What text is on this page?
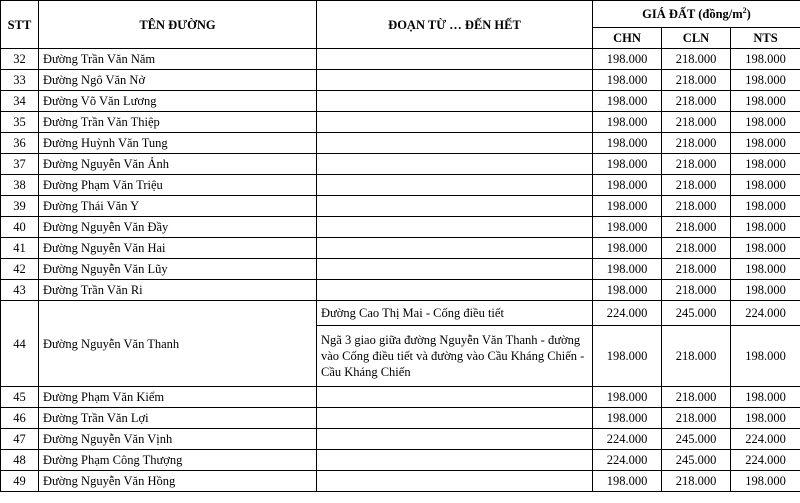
STT	TÊN ĐƯỜNG	ĐOẠN TỪ … ĐẾN HẾT	GIÁ ĐẤT $(đồng/m^2)$		
			CHN	CLN	NTS
32	Đường Trần Văn Năm		198.000	218.000	198.000
33	Đường Ngô Văn Nở		198.000	218.000	198.000
34	Đường Võ Văn Lương		198.000	218.000	198.000
35	Đường Trần Văn Thiệp		198.000	218.000	198.000
36	Đường Huỳnh Văn Tung		198.000	218.000	198.000
37	Đường Nguyễn Văn Ảnh		198.000	218.000	198.000
38	Đường Phạm Văn Triệu		198.000	218.000	198.000
39	Đường Thái Văn Y		198.000	218.000	198.000
40	Đường Nguyễn Văn Đầy		198.000	218.000	198.000
41	Đường Nguyễn Văn Hai		198.000	218.000	198.000
42	Đường Nguyễn Văn Lũy		198.000	218.000	198.000
43	Đường Trần Văn Ri		198.000	218.000	198.000
44	Đường Nguyễn Văn Thanh	Đường Cao Thị Mai - Cống điều tiết	224.000	245.000	224.000
		Ngã 3 giao giữa đường Nguyễn Văn Thanh - đường vào Cống điều tiết và đường vào Cầu Kháng Chiến - Cầu Kháng Chiến	198.000	218.000	198.000
45	Đường Phạm Văn Kiểm		198.000	218.000	198.000
46	Đường Trần Văn Lợi		198.000	218.000	198.000
47	Đường Nguyễn Văn Vịnh		224.000	245.000	224.000
48	Đường Phạm Công Thượng		224.000	245.000	224.000
49	Đường Nguyễn Văn Hồng		198.000	218.000	198.000
